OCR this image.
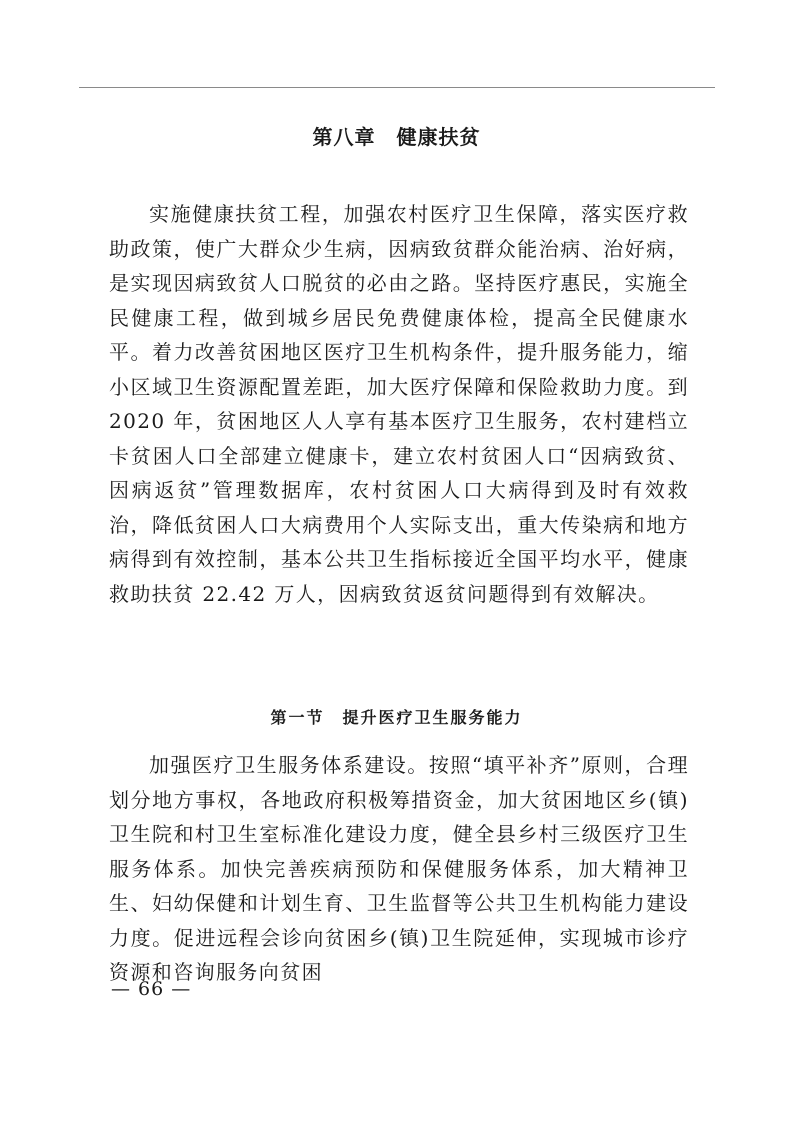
第八章　健康扶贫

实施健康扶贫工程，加强农村医疗卫生保障，落实医疗救助政策，使广大群众少生病，因病致贫群众能治病、治好病，是实现因病致贫人口脱贫的必由之路。坚持医疗惠民，实施全民健康工程，做到城乡居民免费健康体检，提高全民健康水平。着力改善贫困地区医疗卫生机构条件，提升服务能力，缩小区域卫生资源配置差距，加大医疗保障和保险救助力度。到 2020 年，贫困地区人人享有基本医疗卫生服务，农村建档立卡贫困人口全部建立健康卡，建立农村贫困人口“因病致贫、因病返贫”管理数据库，农村贫困人口大病得到及时有效救治，降低贫困人口大病费用个人实际支出，重大传染病和地方病得到有效控制，基本公共卫生指标接近全国平均水平，健康救助扶贫 22.42 万人，因病致贫返贫问题得到有效解决。

第一节　提升医疗卫生服务能力

加强医疗卫生服务体系建设。按照“填平补齐”原则，合理划分地方事权，各地政府积极筹措资金，加大贫困地区乡(镇)卫生院和村卫生室标准化建设力度，健全县乡村三级医疗卫生服务体系。加快完善疾病预防和保健服务体系，加大精神卫生、妇幼保健和计划生育、卫生监督等公共卫生机构能力建设力度。促进远程会诊向贫困乡(镇)卫生院延伸，实现城市诊疗资源和咨询服务向贫困

— 66 —
